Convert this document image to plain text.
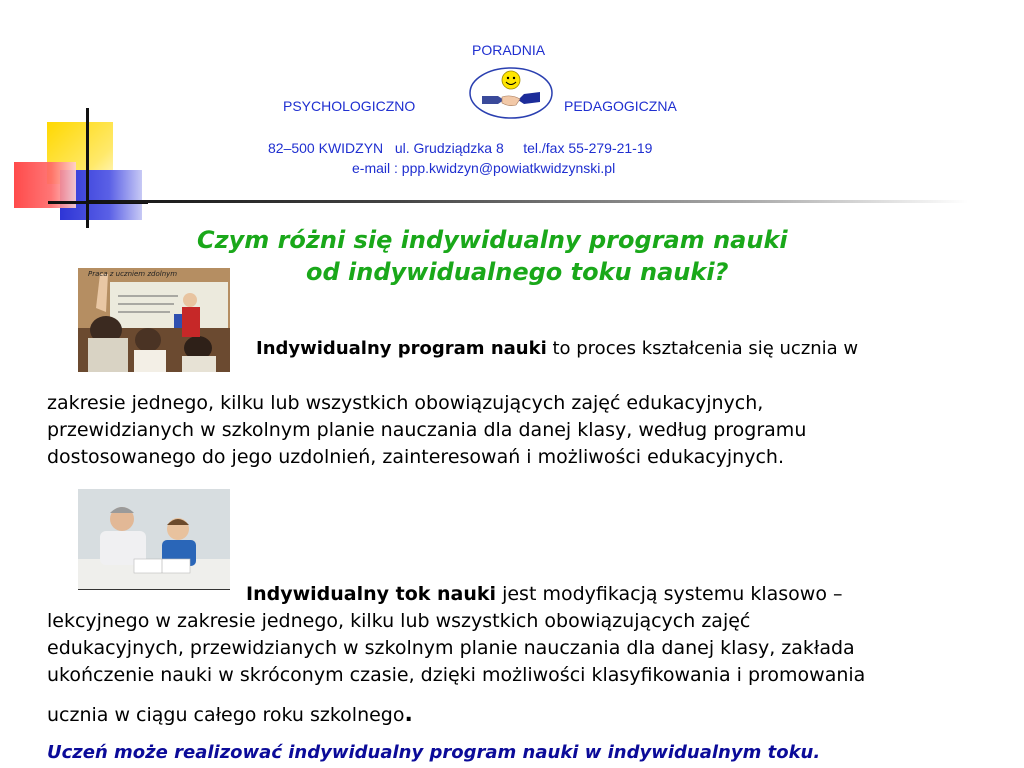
PORADNIA
PSYCHOLOGICZNO	PEDAGOGICZNA
82–500 KWIDZYN   ul. Grudziądzka 8     tel./fax 55-279-21-19
e-mail : ppp.kwidzyn@powiatkwidzynski.pl
Czym różni się indywidualny program nauki
od indywidualnego toku nauki?
Praca z uczniem zdolnym
Indywidualny program nauki to proces kształcenia się ucznia w
zakresie jednego, kilku lub wszystkich obowiązujących zajęć edukacyjnych, przewidzianych w szkolnym planie nauczania dla danej klasy, według programu dostosowanego do jego uzdolnień, zainteresowań i możliwości edukacyjnych.
Indywidualny tok nauki jest modyfikacją systemu klasowo –
lekcyjnego w zakresie jednego, kilku lub wszystkich obowiązujących zajęć
edukacyjnych, przewidzianych w szkolnym planie nauczania dla danej klasy, zakłada
ukończenie nauki w skróconym czasie, dzięki możliwości klasyfikowania i promowania
ucznia w ciągu całego roku szkolnego.
Uczeń może realizować indywidualny program nauki w indywidualnym toku.
